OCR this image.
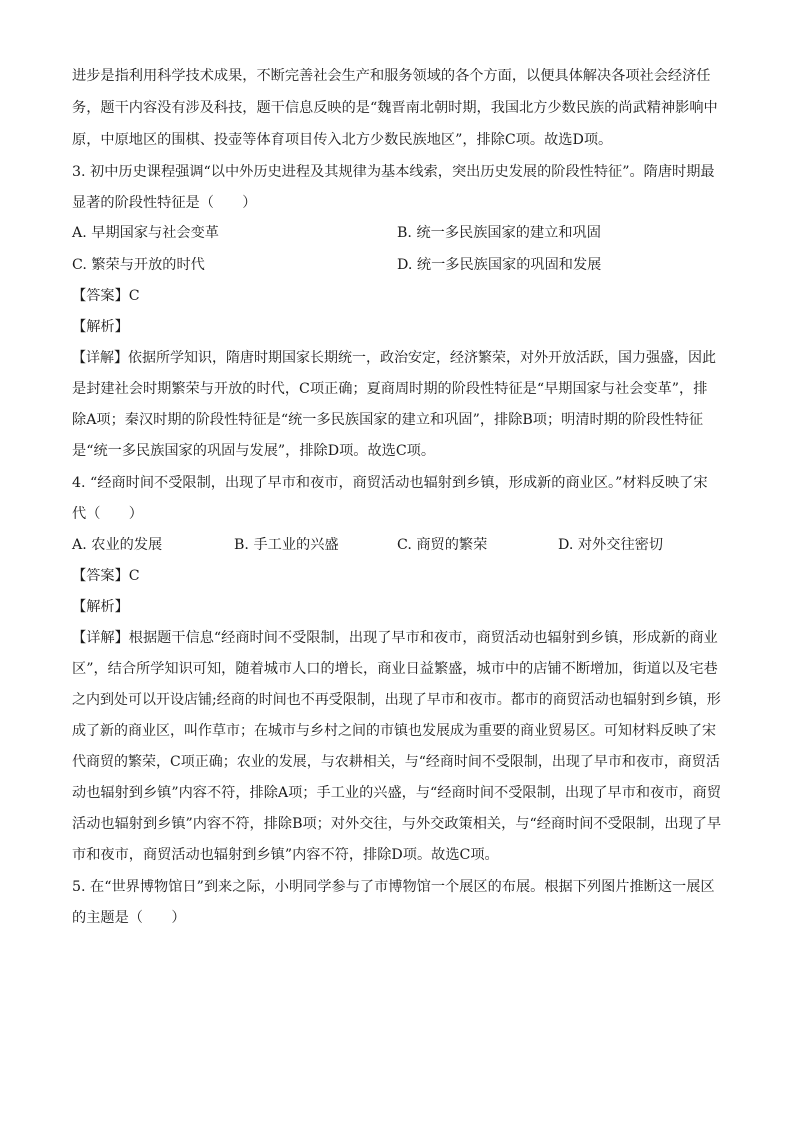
进步是指利用科学技术成果，不断完善社会生产和服务领域的各个方面，以便具体解决各项社会经济任
务，题干内容没有涉及科技，题干信息反映的是“魏晋南北朝时期，我国北方少数民族的尚武精神影响中
原，中原地区的围棋、投壶等体育项目传入北方少数民族地区”，排除C项。故选D项。
3. 初中历史课程强调“以中外历史进程及其规律为基本线索，突出历史发展的阶段性特征”。隋唐时期最
显著的阶段性特征是（　　）
A. 早期国家与社会变革	B. 统一多民族国家的建立和巩固
C. 繁荣与开放的时代	D. 统一多民族国家的巩固和发展
【答案】C
【解析】
【详解】依据所学知识，隋唐时期国家长期统一，政治安定，经济繁荣，对外开放活跃，国力强盛，因此
是封建社会时期繁荣与开放的时代，C项正确；夏商周时期的阶段性特征是“早期国家与社会变革”，排
除A项；秦汉时期的阶段性特征是“统一多民族国家的建立和巩固”，排除B项；明清时期的阶段性特征
是“统一多民族国家的巩固与发展”，排除D项。故选C项。
4. “经商时间不受限制，出现了早市和夜市，商贸活动也辐射到乡镇，形成新的商业区。”材料反映了宋
代（　　）
A. 农业的发展	B. 手工业的兴盛	C. 商贸的繁荣	D. 对外交往密切
【答案】C
【解析】
【详解】根据题干信息“经商时间不受限制，出现了早市和夜市，商贸活动也辐射到乡镇，形成新的商业
区”，结合所学知识可知，随着城市人口的增长，商业日益繁盛，城市中的店铺不断增加，街道以及宅巷
之内到处可以开设店铺;经商的时间也不再受限制，出现了早市和夜市。都市的商贸活动也辐射到乡镇，形
成了新的商业区，叫作草市；在城市与乡村之间的市镇也发展成为重要的商业贸易区。可知材料反映了宋
代商贸的繁荣，C项正确；农业的发展，与农耕相关，与“经商时间不受限制，出现了早市和夜市，商贸活
动也辐射到乡镇”内容不符，排除A项；手工业的兴盛，与“经商时间不受限制，出现了早市和夜市，商贸
活动也辐射到乡镇”内容不符，排除B项；对外交往，与外交政策相关，与“经商时间不受限制，出现了早
市和夜市，商贸活动也辐射到乡镇”内容不符，排除D项。故选C项。
5. 在“世界博物馆日”到来之际，小明同学参与了市博物馆一个展区的布展。根据下列图片推断这一展区
的主题是（　　）
